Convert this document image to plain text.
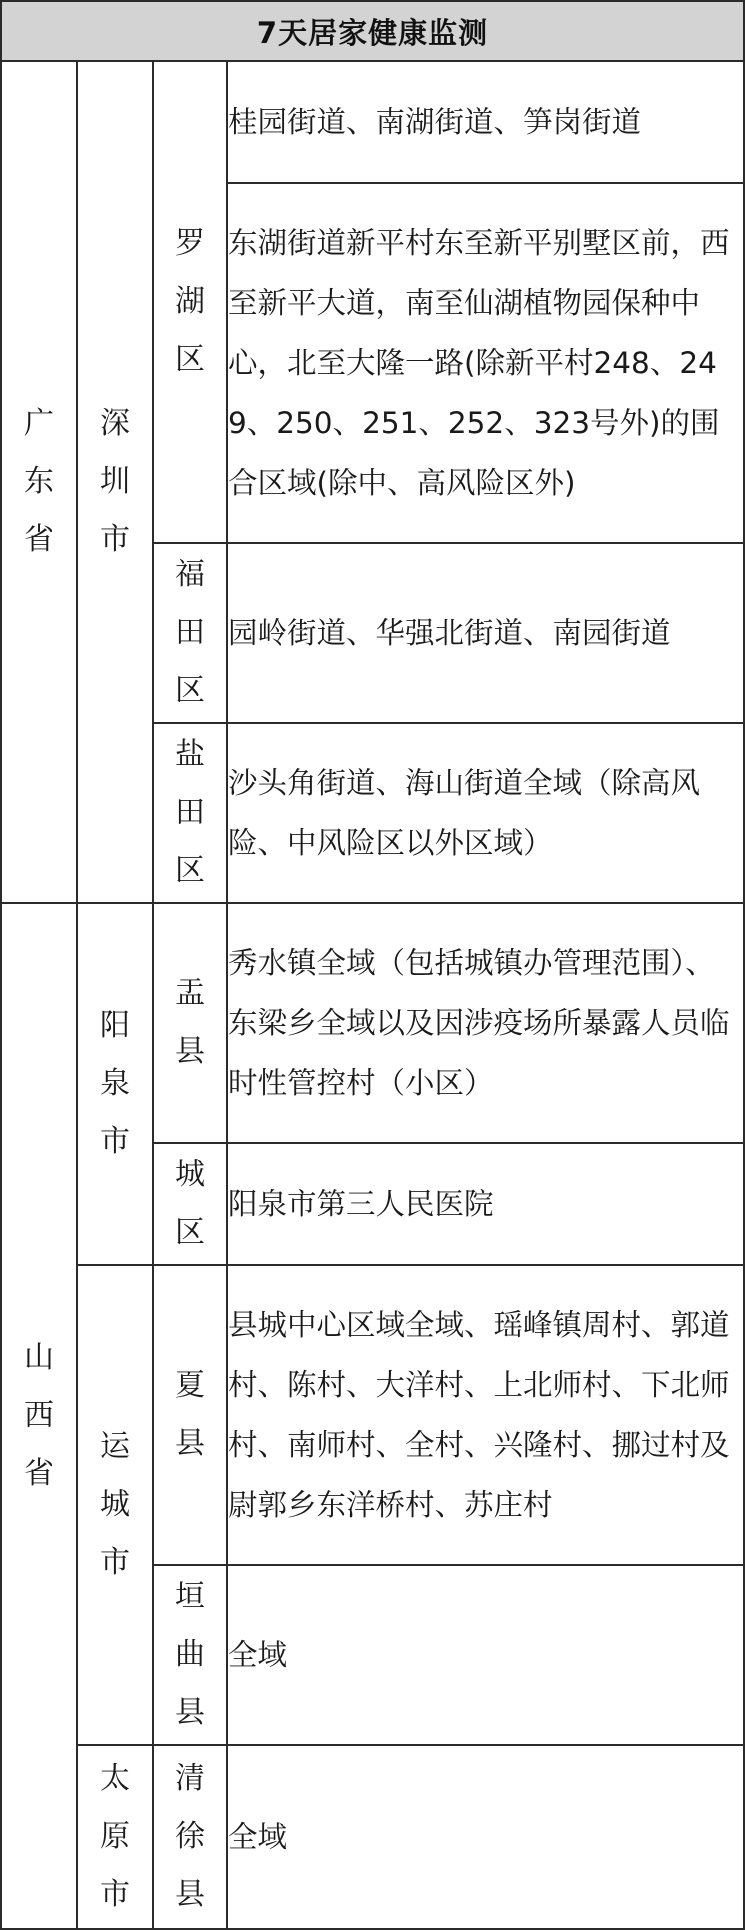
7天居家健康监测			
广东省	深圳市	罗湖区	桂园街道、南湖街道、笋岗街道
			东湖街道新平村东至新平别墅区前，西至新平大道，南至仙湖植物园保种中心，北至大隆一路(除新平村248、249、250、251、252、323号外)的围合区域(除中、高风险区外)
		福田区	园岭街道、华强北街道、南园街道
		盐田区	沙头角街道、海山街道全域（除高风险、中风险区以外区域）

山西省	阳泉市	盂县	秀水镇全域（包括城镇办管理范围）、东梁乡全域以及因涉疫场所暴露人员临时性管控村（小区）
		城区	阳泉市第三人民医院
	运城市	夏县	县城中心区域全域、瑶峰镇周村、郭道村、陈村、大洋村、上北师村、下北师村、南师村、全村、兴隆村、挪过村及尉郭乡东洋桥村、苏庄村
		垣曲县	全域
	太原市	清徐县	全域
